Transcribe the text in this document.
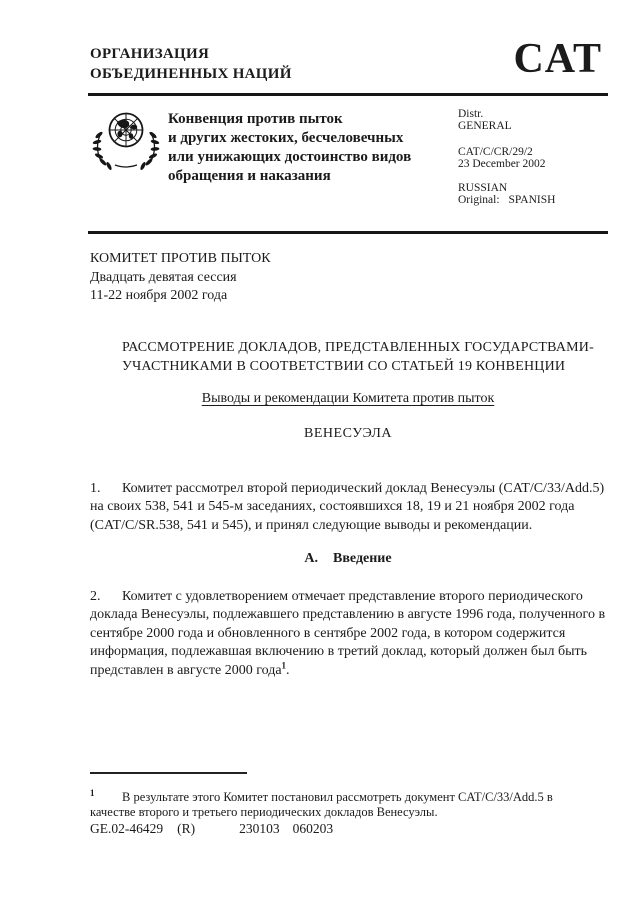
ОРГАНИЗАЦИЯ
ОБЪЕДИНЕННЫХ НАЦИЙ	CAT
Конвенция против пыток
и других жестоких, бесчеловечных
или унижающих достоинство видов
обращения и наказания
Distr.
GENERAL
CAT/C/CR/29/2
23 December 2002
RUSSIAN
Original: SPANISH
КОМИТЕТ ПРОТИВ ПЫТОК
Двадцать девятая сессия
11-22 ноября 2002 года
РАССМОТРЕНИЕ ДОКЛАДОВ, ПРЕДСТАВЛЕННЫХ ГОСУДАРСТВАМИ-
УЧАСТНИКАМИ В СООТВЕТСТВИИ СО СТАТЬЕЙ 19 КОНВЕНЦИИ
Выводы и рекомендации Комитета против пыток
ВЕНЕСУЭЛА
1. Комитет рассмотрел второй периодический доклад Венесуэлы (CAT/C/33/Add.5)
на своих 538, 541 и 545-м заседаниях, состоявшихся 18, 19 и 21 ноября 2002 года
(CAT/C/SR.538, 541 и 545), и принял следующие выводы и рекомендации.
А. Введение
2. Комитет с удовлетворением отмечает представление второго периодического
доклада Венесуэлы, подлежавшего представлению в августе 1996 года, полученного в
сентябре 2000 года и обновленного в сентябре 2002 года, в котором содержится
информация, подлежавшая включению в третий доклад, который должен был быть
представлен в августе 2000 года$^1$.
$^1$ В результате этого Комитет постановил рассмотреть документ CAT/C/33/Add.5 в
качестве второго и третьего периодических докладов Венесуэлы.
GE.02-46429 (R)	230103 060203
